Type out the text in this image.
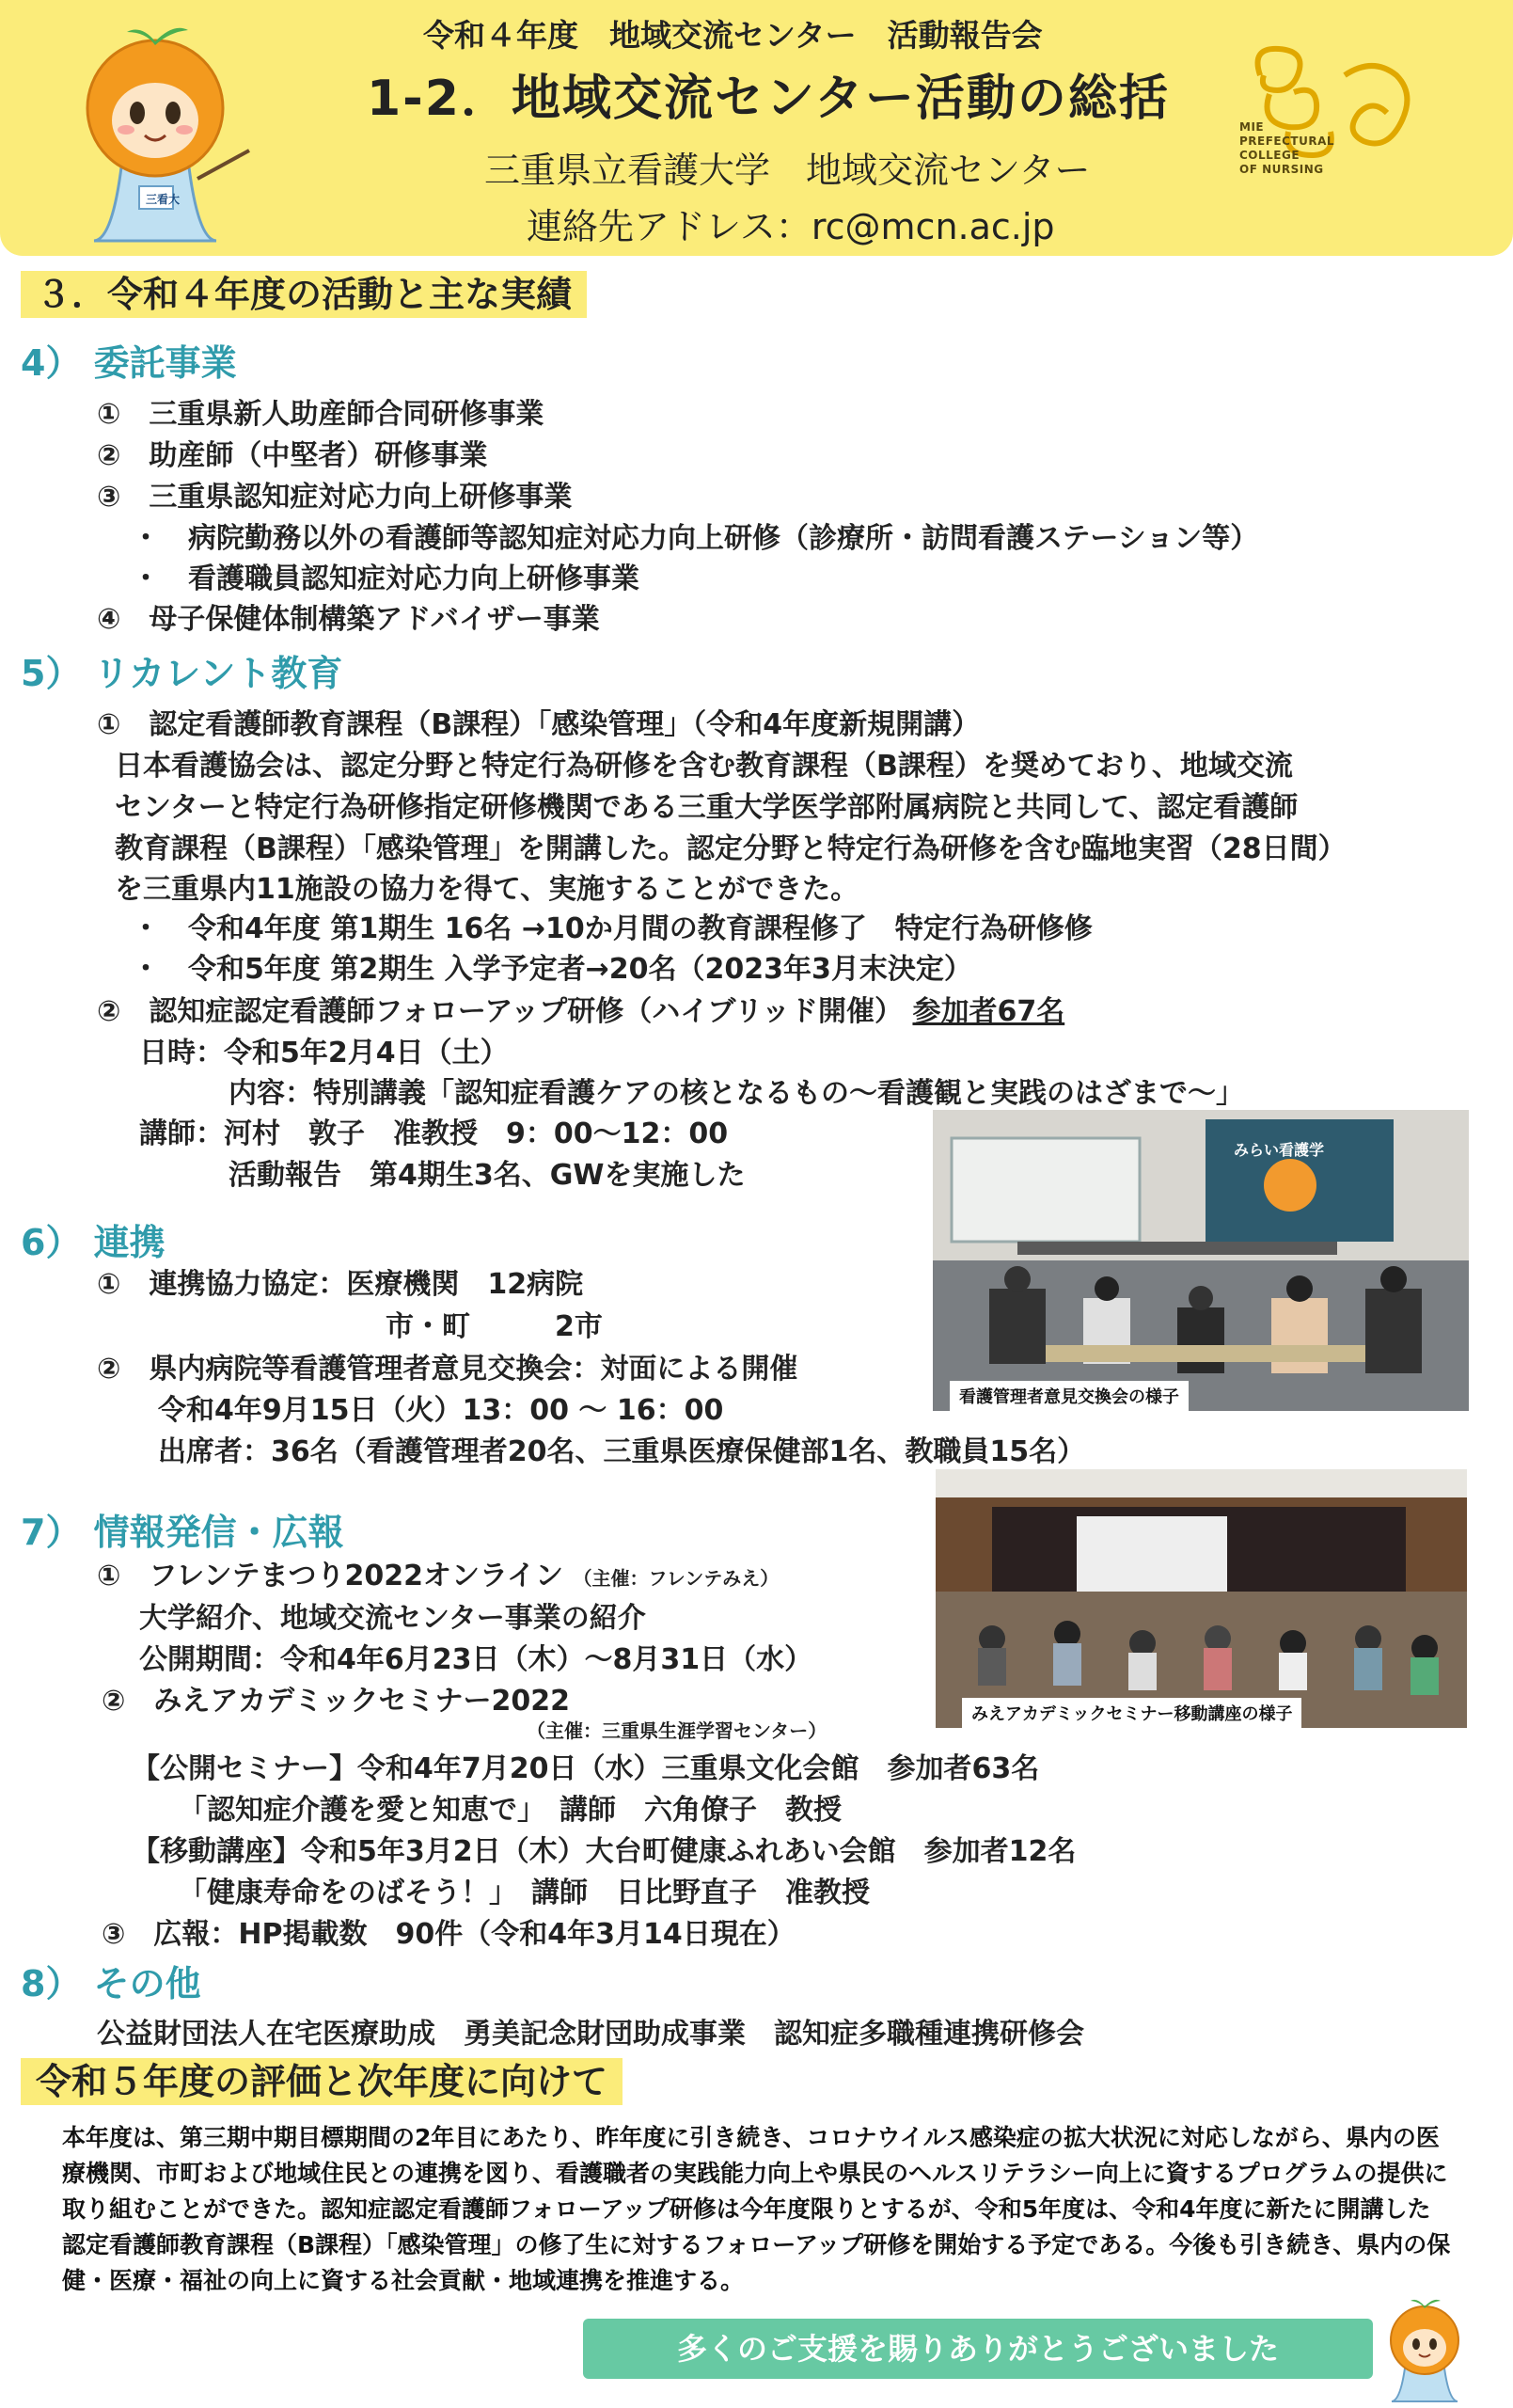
三看大
令和４年度　地域交流センター　活動報告会
1-2．地域交流センター活動の総括
三重県立看護大学　地域交流センター
連絡先アドレス：rc@mcn.ac.jp
MIE
PREFECTURAL
COLLEGE
OF NURSING
３．令和４年度の活動と主な実績
4） 委託事業
①　三重県新人助産師合同研修事業
②　助産師（中堅者）研修事業
③　三重県認知症対応力向上研修事業
・　病院勤務以外の看護師等認知症対応力向上研修（診療所・訪問看護ステーション等）
・　看護職員認知症対応力向上研修事業
④　母子保健体制構築アドバイザー事業
5） リカレント教育
①　認定看護師教育課程（B課程）「感染管理」（令和4年度新規開講）
日本看護協会は、認定分野と特定行為研修を含む教育課程（B課程）を奨めており、地域交流
センターと特定行為研修指定研修機関である三重大学医学部附属病院と共同して、認定看護師
教育課程（B課程）「感染管理」を開講した。認定分野と特定行為研修を含む臨地実習（28日間）
を三重県内11施設の協力を得て、実施することができた。
・　令和4年度 第1期生 16名 →10か月間の教育課程修了　特定行為研修修
・　令和5年度 第2期生 入学予定者→20名（2023年3月末決定）
②　認知症認定看護師フォローアップ研修（ハイブリッド開催） 参加者67名
日時：令和5年2月4日（土）
内容：特別講義「認知症看護ケアの核となるもの～看護観と実践のはざまで～」
講師：河村　敦子　准教授　9：00～12：00
活動報告　第4期生3名、GWを実施した
みらい看護学
看護管理者意見交換会の様子
6） 連携
①　連携協力協定：医療機関　12病院
市・町　　　2市
②　県内病院等看護管理者意見交換会：対面による開催
令和4年9月15日（火）13：00 ～ 16：00
出席者：36名（看護管理者20名、三重県医療保健部1名、教職員15名）
みえアカデミックセミナー移動講座の様子
7） 情報発信・広報
①　フレンテまつり2022オンライン （主催：フレンテみえ）
大学紹介、地域交流センター事業の紹介
公開期間：令和4年6月23日（木）～8月31日（水）
②　みえアカデミックセミナー2022
（主催：三重県生涯学習センター）
【公開セミナー】令和4年7月20日（水）三重県文化会館　参加者63名
「認知症介護を愛と知恵で」　講師　六角僚子　教授
【移動講座】令和5年3月2日（木）大台町健康ふれあい会館　参加者12名
「健康寿命をのばそう！」　講師　日比野直子　准教授
③　広報：HP掲載数　90件（令和4年3月14日現在）
8） その他
公益財団法人在宅医療助成　勇美記念財団助成事業　認知症多職種連携研修会
令和５年度の評価と次年度に向けて
本年度は、第三期中期目標期間の2年目にあたり、昨年度に引き続き、コロナウイルス感染症の拡大状況に対応しながら、県内の医療機関、市町および地域住民との連携を図り、看護職者の実践能力向上や県民のヘルスリテラシー向上に資するプログラムの提供に取り組むことができた。認知症認定看護師フォローアップ研修は今年度限りとするが、令和5年度は、令和4年度に新たに開講した認定看護師教育課程（B課程）「感染管理」の修了生に対するフォローアップ研修を開始する予定である。今後も引き続き、県内の保健・医療・福祉の向上に資する社会貢献・地域連携を推進する。
多くのご支援を賜りありがとうございました
